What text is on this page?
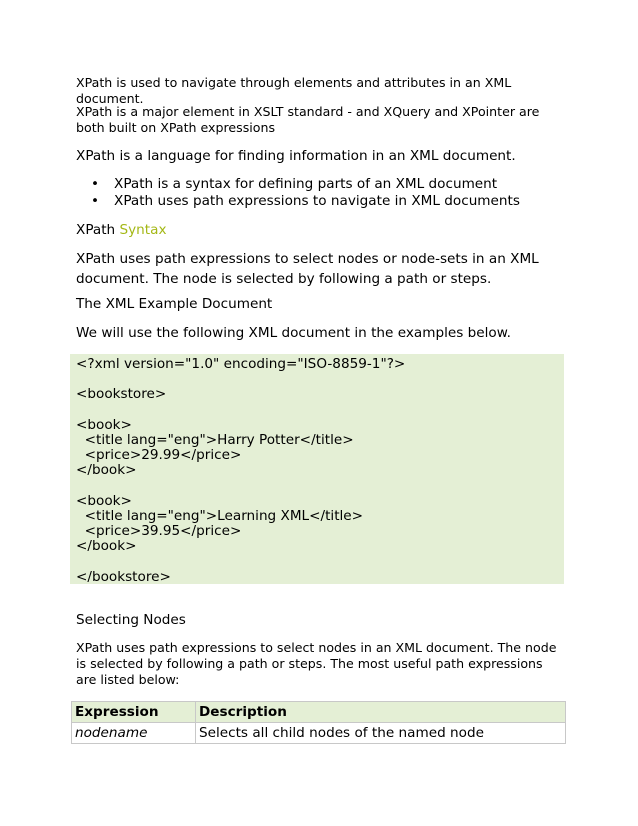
XPath is used to navigate through elements and attributes in an XML document.

XPath is a major element in XSLT standard - and XQuery and XPointer are both built on XPath expressions

XPath is a language for finding information in an XML document.

• XPath is a syntax for defining parts of an XML document
• XPath uses path expressions to navigate in XML documents

XPath Syntax

XPath uses path expressions to select nodes or node-sets in an XML document. The node is selected by following a path or steps.

The XML Example Document

We will use the following XML document in the examples below.

<?xml version="1.0" encoding="ISO-8859-1"?>

<bookstore>

<book>
<title lang="eng">Harry Potter</title>
<price>29.99</price>
</book>

<book>
<title lang="eng">Learning XML</title>
<price>39.95</price>
</book>

</bookstore>

Selecting Nodes

XPath uses path expressions to select nodes in an XML document. The node is selected by following a path or steps. The most useful path expressions are listed below:

Expression	Description
nodename	Selects all child nodes of the named node
